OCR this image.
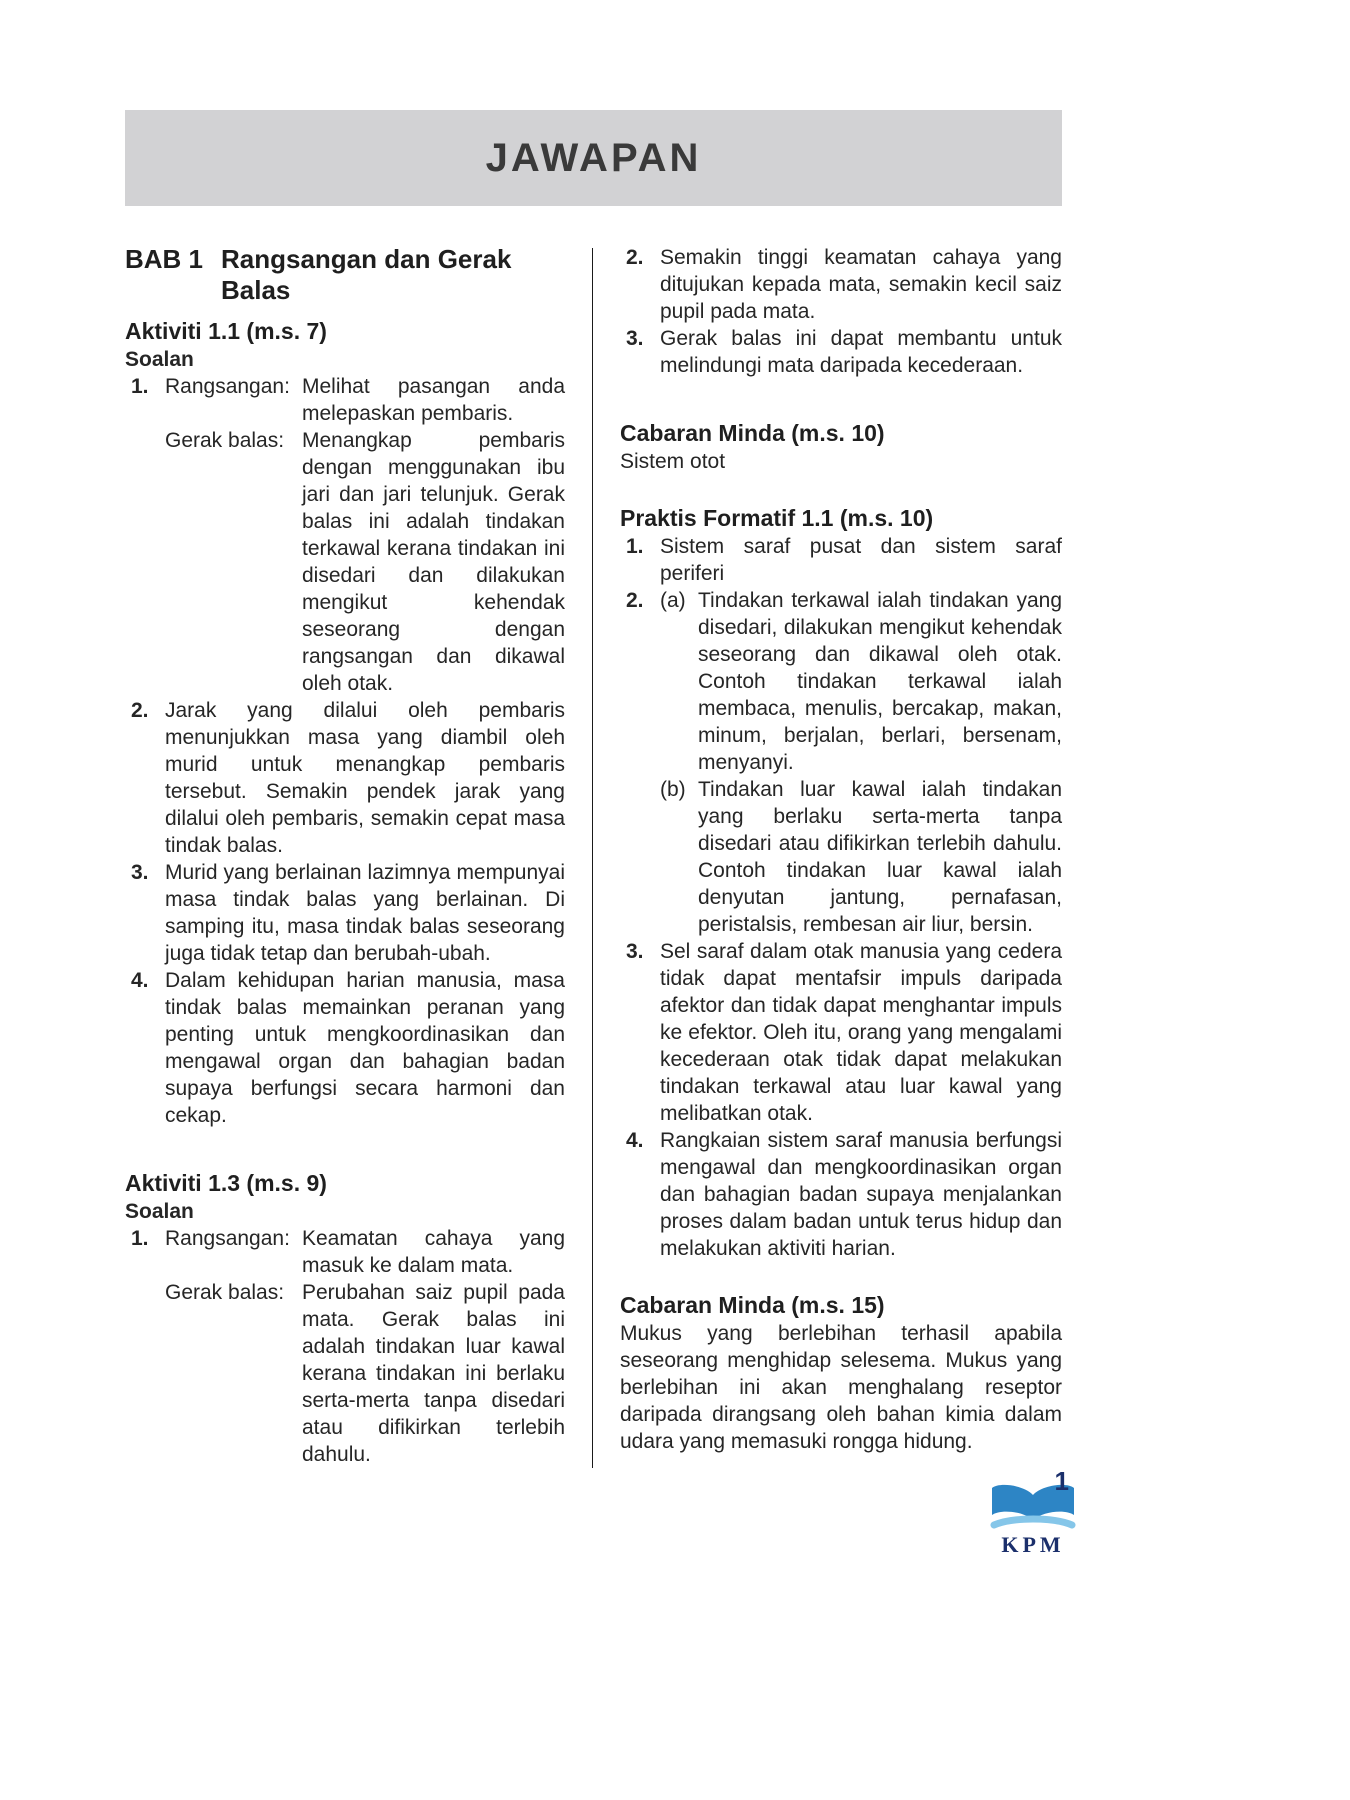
JAWAPAN
BAB 1 Rangsangan dan Gerak Balas
Aktiviti 1.1 (m.s. 7)
Soalan
1. Rangsangan: Melihat pasangan anda melepaskan pembaris.
Gerak balas: Menangkap pembaris dengan menggunakan ibu jari dan jari telunjuk. Gerak balas ini adalah tindakan terkawal kerana tindakan ini disedari dan dilakukan mengikut kehendak seseorang dengan rangsangan dan dikawal oleh otak.
2. Jarak yang dilalui oleh pembaris menunjukkan masa yang diambil oleh murid untuk menangkap pembaris tersebut. Semakin pendek jarak yang dilalui oleh pembaris, semakin cepat masa tindak balas.
3. Murid yang berlainan lazimnya mempunyai masa tindak balas yang berlainan. Di samping itu, masa tindak balas seseorang juga tidak tetap dan berubah-ubah.
4. Dalam kehidupan harian manusia, masa tindak balas memainkan peranan yang penting untuk mengkoordinasikan dan mengawal organ dan bahagian badan supaya berfungsi secara harmoni dan cekap.
Aktiviti 1.3 (m.s. 9)
Soalan
1. Rangsangan: Keamatan cahaya yang masuk ke dalam mata.
Gerak balas: Perubahan saiz pupil pada mata. Gerak balas ini adalah tindakan luar kawal kerana tindakan ini berlaku serta-merta tanpa disedari atau difikirkan terlebih dahulu.
2. Semakin tinggi keamatan cahaya yang ditujukan kepada mata, semakin kecil saiz pupil pada mata.
3. Gerak balas ini dapat membantu untuk melindungi mata daripada kecederaan.
Cabaran Minda (m.s. 10)
Sistem otot
Praktis Formatif 1.1 (m.s. 10)
1. Sistem saraf pusat dan sistem saraf periferi
2. (a) Tindakan terkawal ialah tindakan yang disedari, dilakukan mengikut kehendak seseorang dan dikawal oleh otak. Contoh tindakan terkawal ialah membaca, menulis, bercakap, makan, minum, berjalan, berlari, bersenam, menyanyi.
(b) Tindakan luar kawal ialah tindakan yang berlaku serta-merta tanpa disedari atau difikirkan terlebih dahulu. Contoh tindakan luar kawal ialah denyutan jantung, pernafasan, peristalsis, rembesan air liur, bersin.
3. Sel saraf dalam otak manusia yang cedera tidak dapat mentafsir impuls daripada afektor dan tidak dapat menghantar impuls ke efektor. Oleh itu, orang yang mengalami kecederaan otak tidak dapat melakukan tindakan terkawal atau luar kawal yang melibatkan otak.
4. Rangkaian sistem saraf manusia berfungsi mengawal dan mengkoordinasikan organ dan bahagian badan supaya menjalankan proses dalam badan untuk terus hidup dan melakukan aktiviti harian.
Cabaran Minda (m.s. 15)
Mukus yang berlebihan terhasil apabila seseorang menghidap selesema. Mukus yang berlebihan ini akan menghalang reseptor daripada dirangsang oleh bahan kimia dalam udara yang memasuki rongga hidung.
1
KPM
